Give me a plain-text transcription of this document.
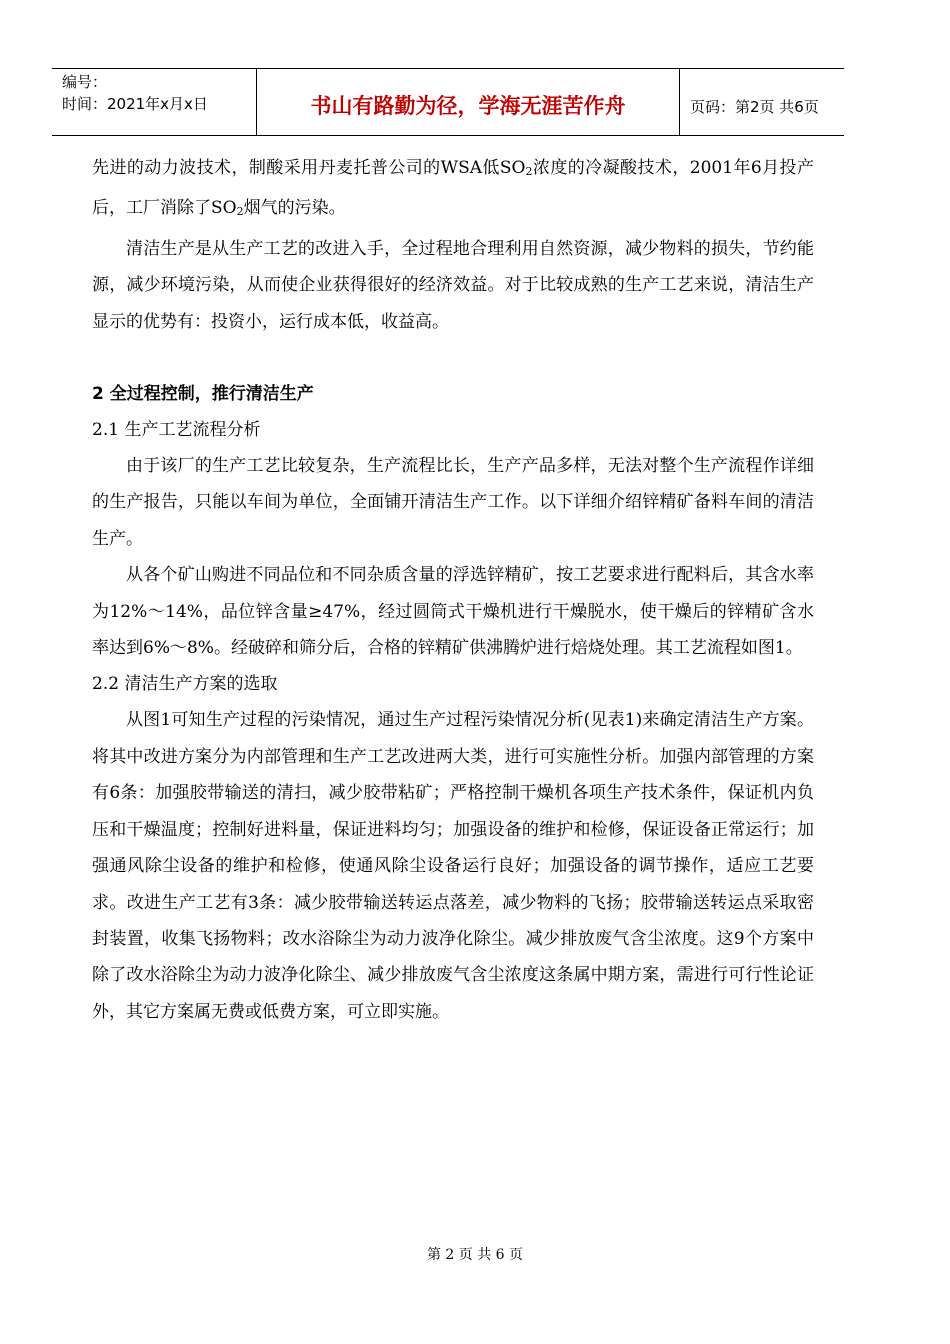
编号：
时间：2021年x月x日	书山有路勤为径，学海无涯苦作舟	页码：第2页 共6页

先进的动力波技术，制酸采用丹麦托普公司的WSA低$SO_2$浓度的冷凝酸技术，2001年6月投产后，工厂消除了$SO_2$烟气的污染。

清洁生产是从生产工艺的改进入手，全过程地合理利用自然资源，减少物料的损失，节约能源，减少环境污染，从而使企业获得很好的经济效益。对于比较成熟的生产工艺来说，清洁生产显示的优势有：投资小，运行成本低，收益高。

2 全过程控制，推行清洁生产

2.1 生产工艺流程分析

由于该厂的生产工艺比较复杂，生产流程比长，生产产品多样，无法对整个生产流程作详细的生产报告，只能以车间为单位，全面铺开清洁生产工作。以下详细介绍锌精矿备料车间的清洁生产。

从各个矿山购进不同品位和不同杂质含量的浮选锌精矿，按工艺要求进行配料后，其含水率为12%～14%，品位锌含量≥47%，经过圆筒式干燥机进行干燥脱水，使干燥后的锌精矿含水率达到6%～8%。经破碎和筛分后，合格的锌精矿供沸腾炉进行焙烧处理。其工艺流程如图1。

2.2 清洁生产方案的选取

从图1可知生产过程的污染情况，通过生产过程污染情况分析(见表1)来确定清洁生产方案。将其中改进方案分为内部管理和生产工艺改进两大类，进行可实施性分析。加强内部管理的方案有6条：加强胶带输送的清扫，减少胶带粘矿；严格控制干燥机各项生产技术条件，保证机内负压和干燥温度；控制好进料量，保证进料均匀；加强设备的维护和检修，保证设备正常运行；加强通风除尘设备的维护和检修，使通风除尘设备运行良好；加强设备的调节操作，适应工艺要求。改进生产工艺有3条：减少胶带输送转运点落差，减少物料的飞扬；胶带输送转运点采取密封装置，收集飞扬物料；改水浴除尘为动力波净化除尘。减少排放废气含尘浓度。这9个方案中除了改水浴除尘为动力波净化除尘、减少排放废气含尘浓度这条属中期方案，需进行可行性论证外，其它方案属无费或低费方案，可立即实施。

第 2 页 共 6 页
